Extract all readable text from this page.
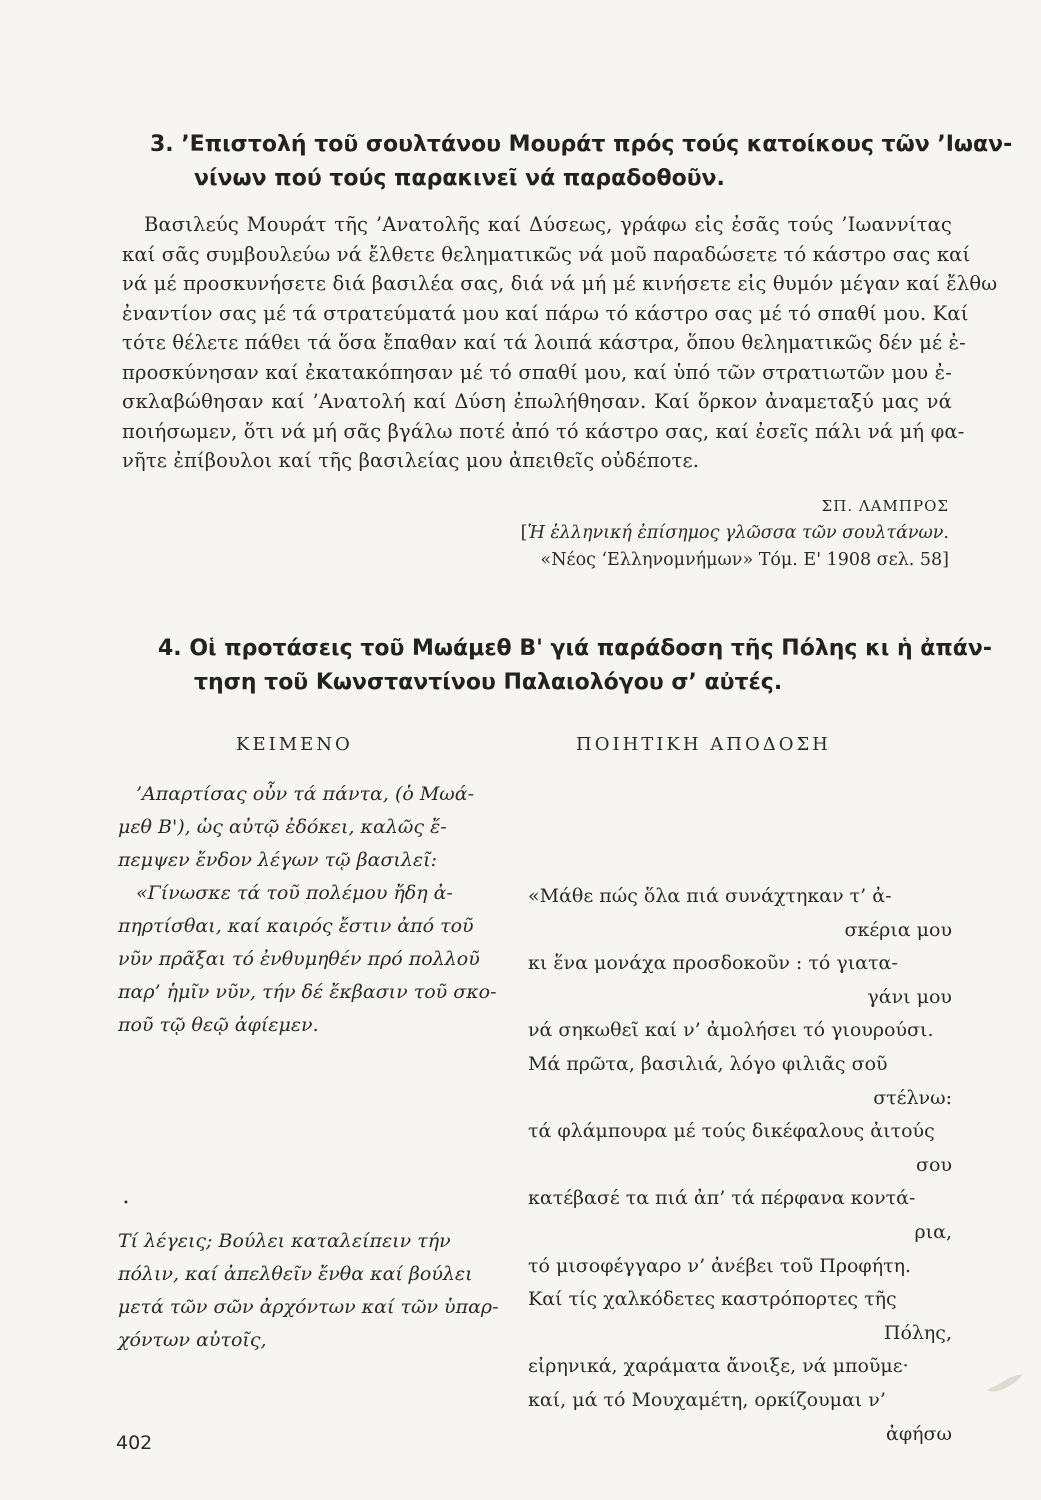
3. ’Επιστολή τοῦ σουλτάνου Μουράτ πρός τούς κατοίκους τῶν ’Ιωαν-
νίνων πού τούς παρακινεῖ νά παραδοθοῦν.
Βασιλεύς Μουράτ τῆς ’Ανατολῆς καί Δύσεως, γράφω εἰς ἐσᾶς τούς ’Ιωαννίτας
καί σᾶς συμβουλεύω νά ἔλθετε θεληματικῶς νά μοῦ παραδώσετε τό κάστρο σας καί
νά μέ προσκυνήσετε διά βασιλέα σας, διά νά μή μέ κινήσετε εἰς θυμόν μέγαν καί ἔλθω
ἐναντίον σας μέ τά στρατεύματά μου καί πάρω τό κάστρο σας μέ τό σπαθί μου. Καί
τότε θέλετε πάθει τά ὅσα ἔπαθαν καί τά λοιπά κάστρα, ὅπου θεληματικῶς δέν μέ ἐ-
προσκύνησαν καί ἐκατακόπησαν μέ τό σπαθί μου, καί ὑπό τῶν στρατιωτῶν μου ἐ-
σκλαβώθησαν καί ’Ανατολή καί Δύση ἐπωλήθησαν. Καί ὅρκον ἀναμεταξύ μας νά
ποιήσωμεν, ὅτι νά μή σᾶς βγάλω ποτέ ἀπό τό κάστρο σας, καί ἐσεῖς πάλι νά μή φα-
νῆτε ἐπίβουλοι καί τῆς βασιλείας μου ἀπειθεῖς οὐδέποτε.
ΣΠ. ΛΑΜΠΡΟΣ
[Ἡ ἑλληνική ἐπίσημος γλῶσσα τῶν σουλτάνων.
«Νέος ‘Ελληνομνήμων» Τόμ. Ε' 1908 σελ. 58]
4. Οἱ προτάσεις τοῦ Μωάμεθ Β' γιά παράδοση τῆς Πόλης κι ἡ ἀπάν-
τηση τοῦ Κωνσταντίνου Παλαιολόγου σ’ αὐτές.
ΚΕΙΜΕΝΟ	ΠΟΙΗΤΙΚΗ ΑΠΟΔΟΣΗ
’Απαρτίσας οὖν τά πάντα, (ὁ Μωά-
μεθ Β'), ὡς αὐτῷ ἐδόκει, καλῶς ἔ-
πεμψεν ἔνδον λέγων τῷ βασιλεῖ:
«Γίνωσκε τά τοῦ πολέμου ἤδη ἀ-
πηρτίσθαι, καί καιρός ἔστιν ἀπό τοῦ
νῦν πρᾶξαι τό ἐνθυμηθέν πρό πολλοῦ
παρ’ ἡμῖν νῦν, τήν δέ ἔκβασιν τοῦ σκο-
ποῦ τῷ θεῷ ἀφίεμεν.
•
Τί λέγεις; Βούλει καταλείπειν τήν
πόλιν, καί ἀπελθεῖν ἔνθα καί βούλει
μετά τῶν σῶν ἀρχόντων καί τῶν ὑπαρ-
χόντων αὐτοῖς,
«Μάθε πώς ὅλα πιά συνάχτηκαν τ’ ἀ-
σκέρια μου
κι ἕνα μονάχα προσδοκοῦν : τό γιατα-
γάνι μου
νά σηκωθεῖ καί ν’ ἀμολήσει τό γιουρούσι.
Μά πρῶτα, βασιλιά, λόγο φιλιᾶς σοῦ
στέλνω:
τά φλάμπουρα μέ τούς δικέφαλους ἀιτούς
σου
κατέβασέ τα πιά ἀπ’ τά πέρφανα κοντά-
ρια,
τό μισοφέγγαρο ν’ ἀνέβει τοῦ Προφήτη.
Καί τίς χαλκόδετες καστρόπορτες τῆς
Πόλης,
εἰρηνικά, χαράματα ἄνοιξε, νά μποῦμε·
καί, μά τό Μουχαμέτη, ορκίζουμαι ν’
ἀφήσω
402
